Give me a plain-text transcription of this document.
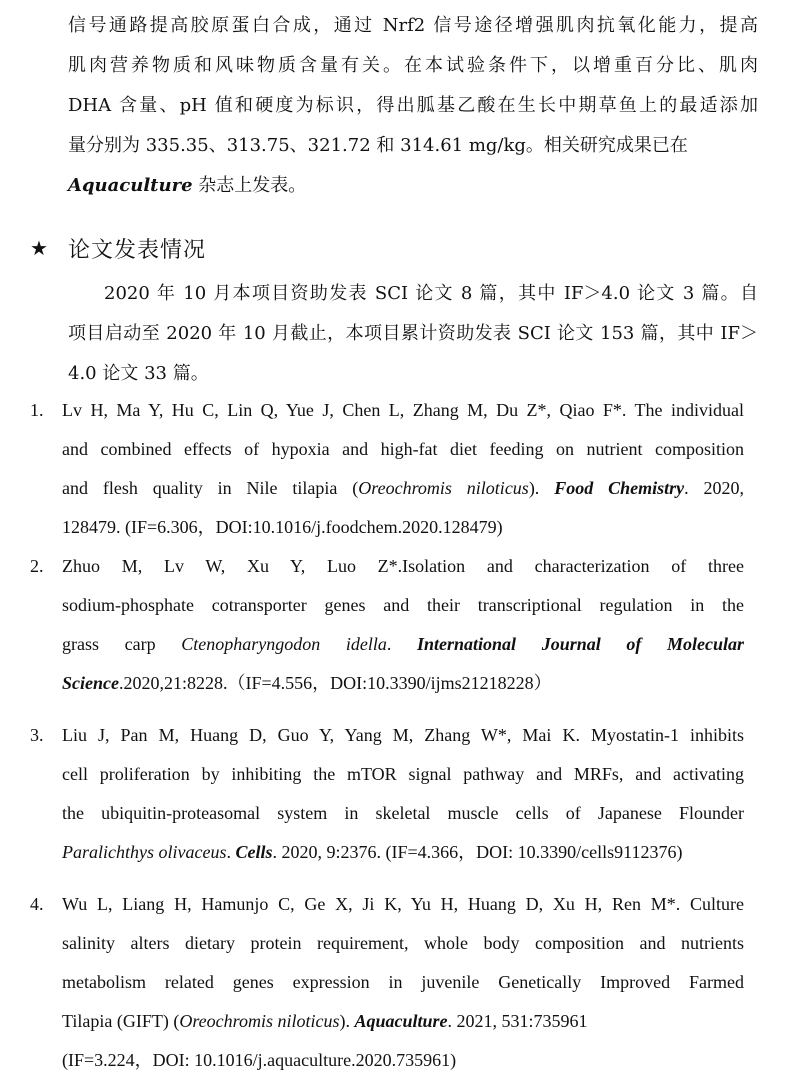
信号通路提高胶原蛋白合成，通过 Nrf2 信号途径增强肌肉抗氧化能力，提高
肌肉营养物质和风味物质含量有关。在本试验条件下，以增重百分比、肌肉
DHA 含量、pH 值和硬度为标识，得出胍基乙酸在生长中期草鱼上的最适添加
量分别为 335.35、313.75、321.72 和 314.61 mg/kg。相关研究成果已在
Aquaculture 杂志上发表。
★ 论文发表情况
2020 年 10 月本项目资助发表 SCI 论文 8 篇，其中 IF＞4.0 论文 3 篇。自
项目启动至 2020 年 10 月截止，本项目累计资助发表 SCI 论文 153 篇，其中 IF＞
4.0 论文 33 篇。
1. Lv H, Ma Y, Hu C, Lin Q, Yue J, Chen L, Zhang M, Du Z*, Qiao F*. The individual
and combined effects of hypoxia and high-fat diet feeding on nutrient composition
and flesh quality in Nile tilapia (Oreochromis niloticus). Food Chemistry. 2020,
128479. (IF=6.306，DOI:10.1016/j.foodchem.2020.128479)
2. Zhuo M, Lv W, Xu Y, Luo Z*.Isolation and characterization of three
sodium-phosphate cotransporter genes and their transcriptional regulation in the
grass carp Ctenopharyngodon idella. International Journal of Molecular
Science.2020,21:8228.（IF=4.556，DOI:10.3390/ijms21218228）
3. Liu J, Pan M, Huang D, Guo Y, Yang M, Zhang W*, Mai K. Myostatin-1 inhibits
cell proliferation by inhibiting the mTOR signal pathway and MRFs, and activating
the ubiquitin-proteasomal system in skeletal muscle cells of Japanese Flounder
Paralichthys olivaceus. Cells. 2020, 9:2376. (IF=4.366，DOI: 10.3390/cells9112376)
4. Wu L, Liang H, Hamunjo C, Ge X, Ji K, Yu H, Huang D, Xu H, Ren M*. Culture
salinity alters dietary protein requirement, whole body composition and nutrients
metabolism related genes expression in juvenile Genetically Improved Farmed
Tilapia (GIFT) (Oreochromis niloticus). Aquaculture. 2021, 531:735961
(IF=3.224，DOI: 10.1016/j.aquaculture.2020.735961)
